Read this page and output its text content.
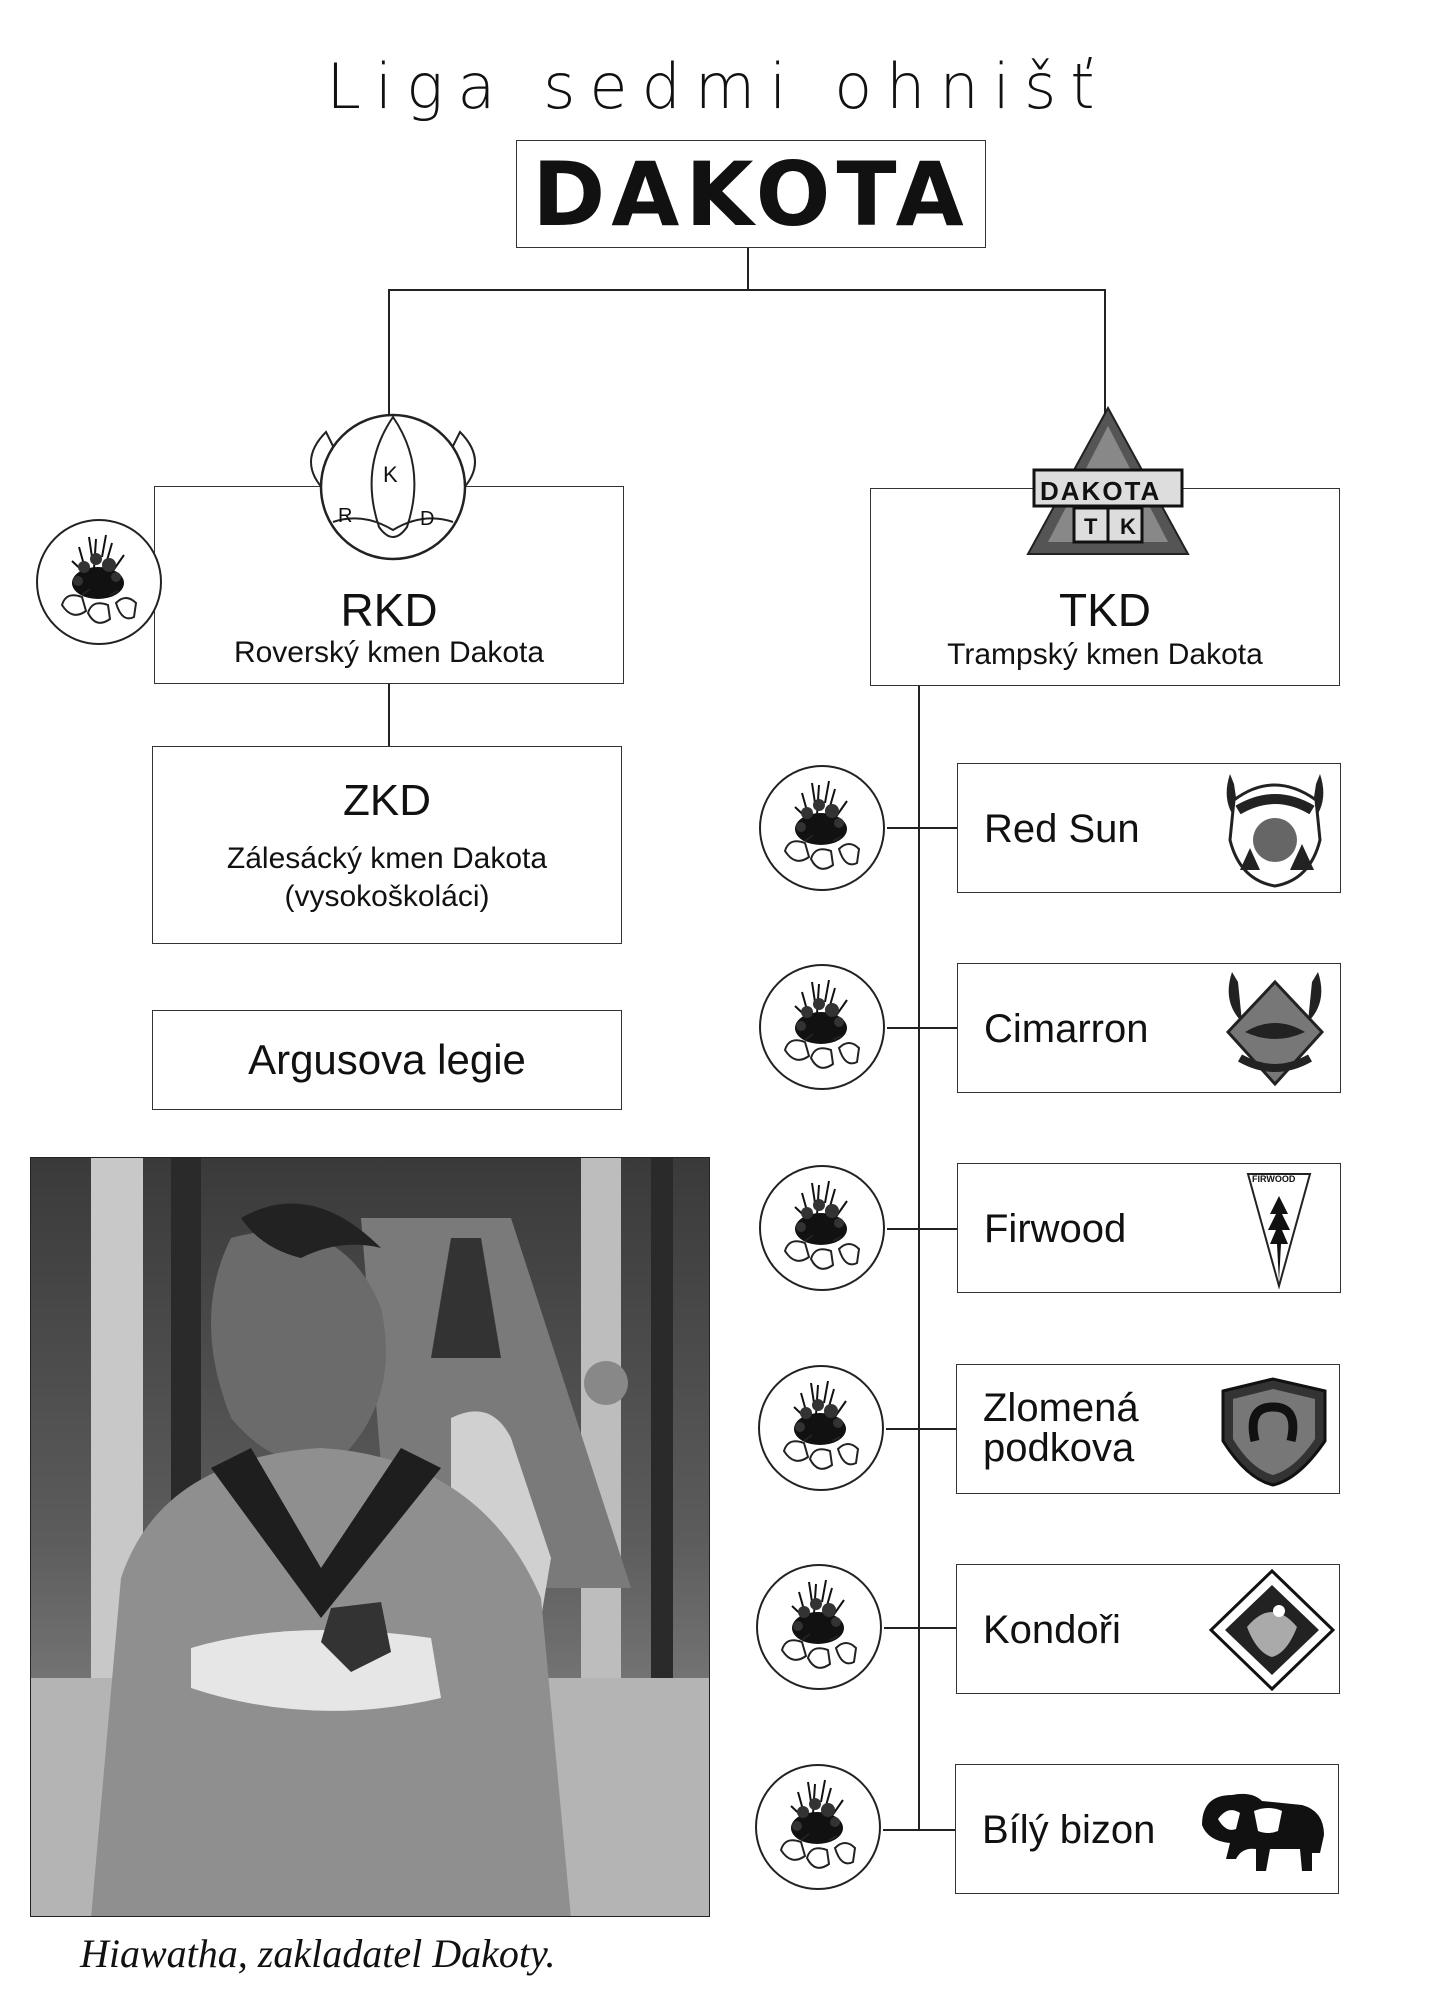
Liga sedmi ohnišť
DAKOTA
RKD
Roverský kmen Dakota
K
R	D
TKD
Trampský kmen Dakota
DAKOTA
T K
ZKD
Zálesácký kmen Dakota
(vysokoškoláci)
Argusova legie
Red Sun
Cimarron
Firwood
FIRWOOD
Zlomená
podkova
Kondoři
Bílý bizon
Hiawatha, zakladatel Dakoty.
